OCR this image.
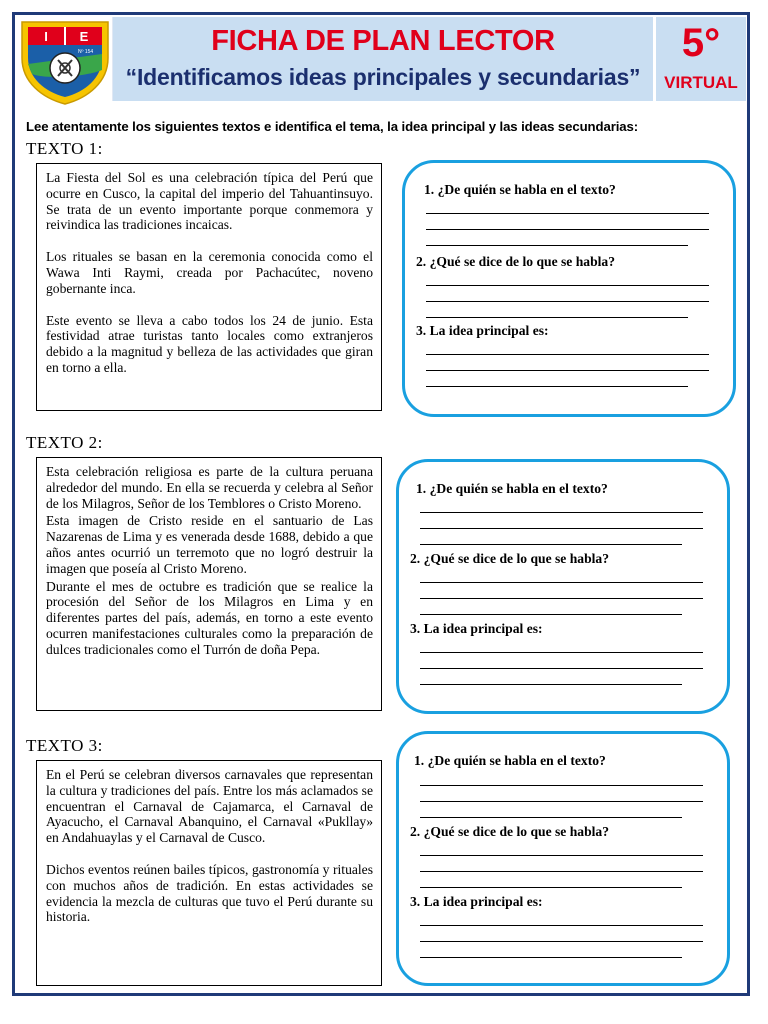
I E
Nº 154	FICHA DE PLAN LECTOR
“Identificamos ideas principales y secundarias”
5°
VIRTUAL
Lee atentamente los siguientes textos e identifica el tema, la idea principal y las ideas secundarias:
TEXTO 1:

La Fiesta del Sol es una celebración típica del Perú que ocurre en Cusco, la capital del imperio del Tahuantinsuyo. Se trata de un evento importante porque conmemora y reivindica las tradiciones incaicas.

Los rituales se basan en la ceremonia conocida como el Wawa Inti Raymi, creada por Pachacútec, noveno gobernante inca.

Este evento se lleva a cabo todos los 24 de junio. Esta festividad atrae turistas tanto locales como extranjeros debido a la magnitud y belleza de las actividades que giran en torno a ella.

1. ¿De quién se habla en el texto?
2. ¿Qué se dice de lo que se habla?
3. La idea principal es:
TEXTO 2:

Esta celebración religiosa es parte de la cultura peruana alrededor del mundo. En ella se recuerda y celebra al Señor de los Milagros, Señor de los Temblores o Cristo Moreno.

Esta imagen de Cristo reside en el santuario de Las Nazarenas de Lima y es venerada desde 1688, debido a que años antes ocurrió un terremoto que no logró destruir la imagen que poseía al Cristo Moreno.

Durante el mes de octubre es tradición que se realice la procesión del Señor de los Milagros en Lima y en diferentes partes del país, además, en torno a este evento ocurren manifestaciones culturales como la preparación de dulces tradicionales como el Turrón de doña Pepa.

1. ¿De quién se habla en el texto?
2. ¿Qué se dice de lo que se habla?
3. La idea principal es:
TEXTO 3:

En el Perú se celebran diversos carnavales que representan la cultura y tradiciones del país. Entre los más aclamados se encuentran el Carnaval de Cajamarca, el Carnaval de Ayacucho, el Carnaval Abanquino, el Carnaval «Pukllay» en Andahuaylas y el Carnaval de Cusco.

Dichos eventos reúnen bailes típicos, gastronomía y rituales con muchos años de tradición. En estas actividades se evidencia la mezcla de culturas que tuvo el Perú durante su historia.

1. ¿De quién se habla en el texto?
2. ¿Qué se dice de lo que se habla?
3. La idea principal es:
